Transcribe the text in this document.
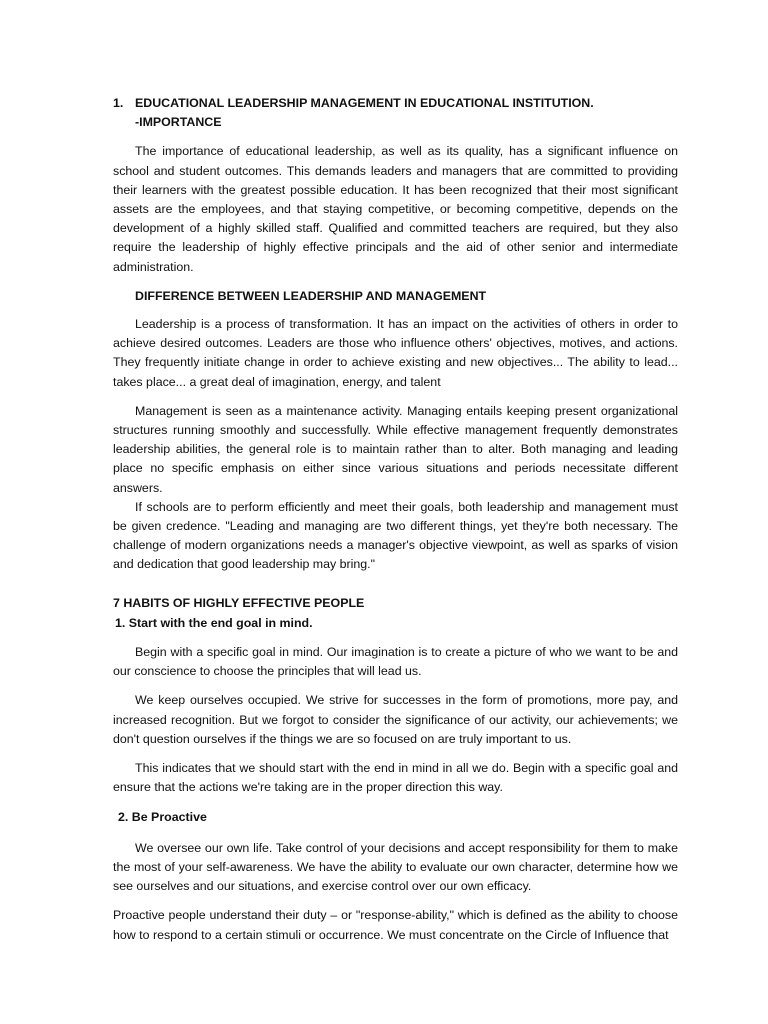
1. EDUCATIONAL LEADERSHIP MANAGEMENT IN EDUCATIONAL INSTITUTION.
-IMPORTANCE

The importance of educational leadership, as well as its quality, has a significant influence on school and student outcomes. This demands leaders and managers that are committed to providing their learners with the greatest possible education. It has been recognized that their most significant assets are the employees, and that staying competitive, or becoming competitive, depends on the development of a highly skilled staff. Qualified and committed teachers are required, but they also require the leadership of highly effective principals and the aid of other senior and intermediate administration.

DIFFERENCE BETWEEN LEADERSHIP AND MANAGEMENT

Leadership is a process of transformation. It has an impact on the activities of others in order to achieve desired outcomes. Leaders are those who influence others' objectives, motives, and actions. They frequently initiate change in order to achieve existing and new objectives... The ability to lead... takes place... a great deal of imagination, energy, and talent

Management is seen as a maintenance activity. Managing entails keeping present organizational structures running smoothly and successfully. While effective management frequently demonstrates leadership abilities, the general role is to maintain rather than to alter. Both managing and leading place no specific emphasis on either since various situations and periods necessitate different answers.

If schools are to perform efficiently and meet their goals, both leadership and management must be given credence. "Leading and managing are two different things, yet they're both necessary. The challenge of modern organizations needs a manager's objective viewpoint, as well as sparks of vision and dedication that good leadership may bring."

7 HABITS OF HIGHLY EFFECTIVE PEOPLE
1. Start with the end goal in mind.

Begin with a specific goal in mind. Our imagination is to create a picture of who we want to be and our conscience to choose the principles that will lead us.

We keep ourselves occupied. We strive for successes in the form of promotions, more pay, and increased recognition. But we forgot to consider the significance of our activity, our achievements; we don't question ourselves if the things we are so focused on are truly important to us.

This indicates that we should start with the end in mind in all we do. Begin with a specific goal and ensure that the actions we're taking are in the proper direction this way.

2. Be Proactive

We oversee our own life. Take control of your decisions and accept responsibility for them to make the most of your self-awareness. We have the ability to evaluate our own character, determine how we see ourselves and our situations, and exercise control over our own efficacy.

Proactive people understand their duty – or "response-ability," which is defined as the ability to choose how to respond to a certain stimuli or occurrence. We must concentrate on the Circle of Influence that
